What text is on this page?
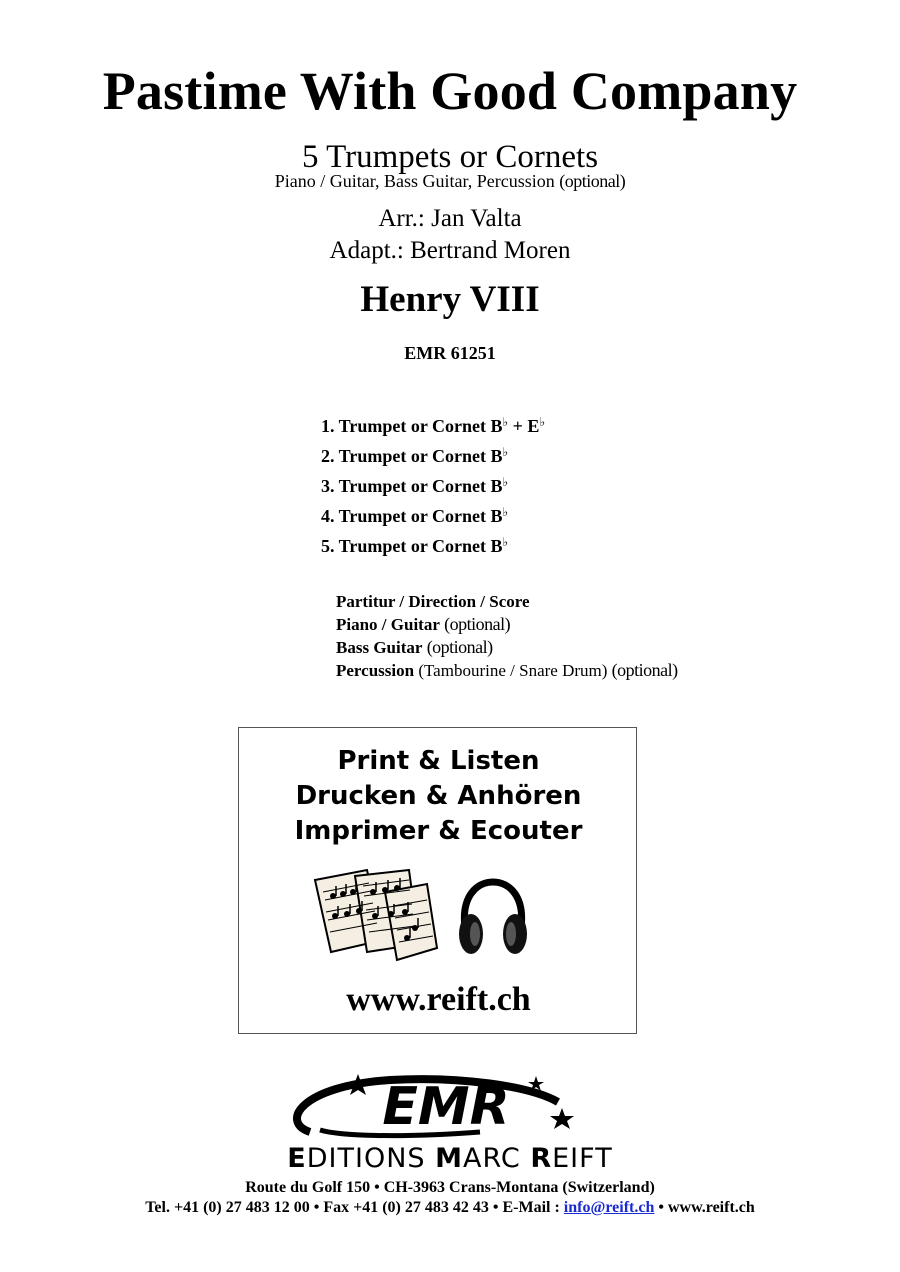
Pastime With Good Company
5 Trumpets or Cornets
Piano / Guitar, Bass Guitar, Percussion (optional)
Arr.: Jan Valta
Adapt.: Bertrand Moren
Henry VIII
EMR 61251
1. Trumpet or Cornet B♭ + E♭
2. Trumpet or Cornet B♭
3. Trumpet or Cornet B♭
4. Trumpet or Cornet B♭
5. Trumpet or Cornet B♭
Partitur / Direction / Score
Piano / Guitar (optional)
Bass Guitar (optional)
Percussion (Tambourine / Snare Drum) (optional)
Print & Listen
Drucken & Anhören
Imprimer & Ecouter
www.reift.ch
EMR
EDITIONS MARC REIFT
Route du Golf 150 • CH-3963 Crans-Montana (Switzerland)
Tel. +41 (0) 27 483 12 00 • Fax +41 (0) 27 483 42 43 • E-Mail : info@reift.ch • www.reift.ch
